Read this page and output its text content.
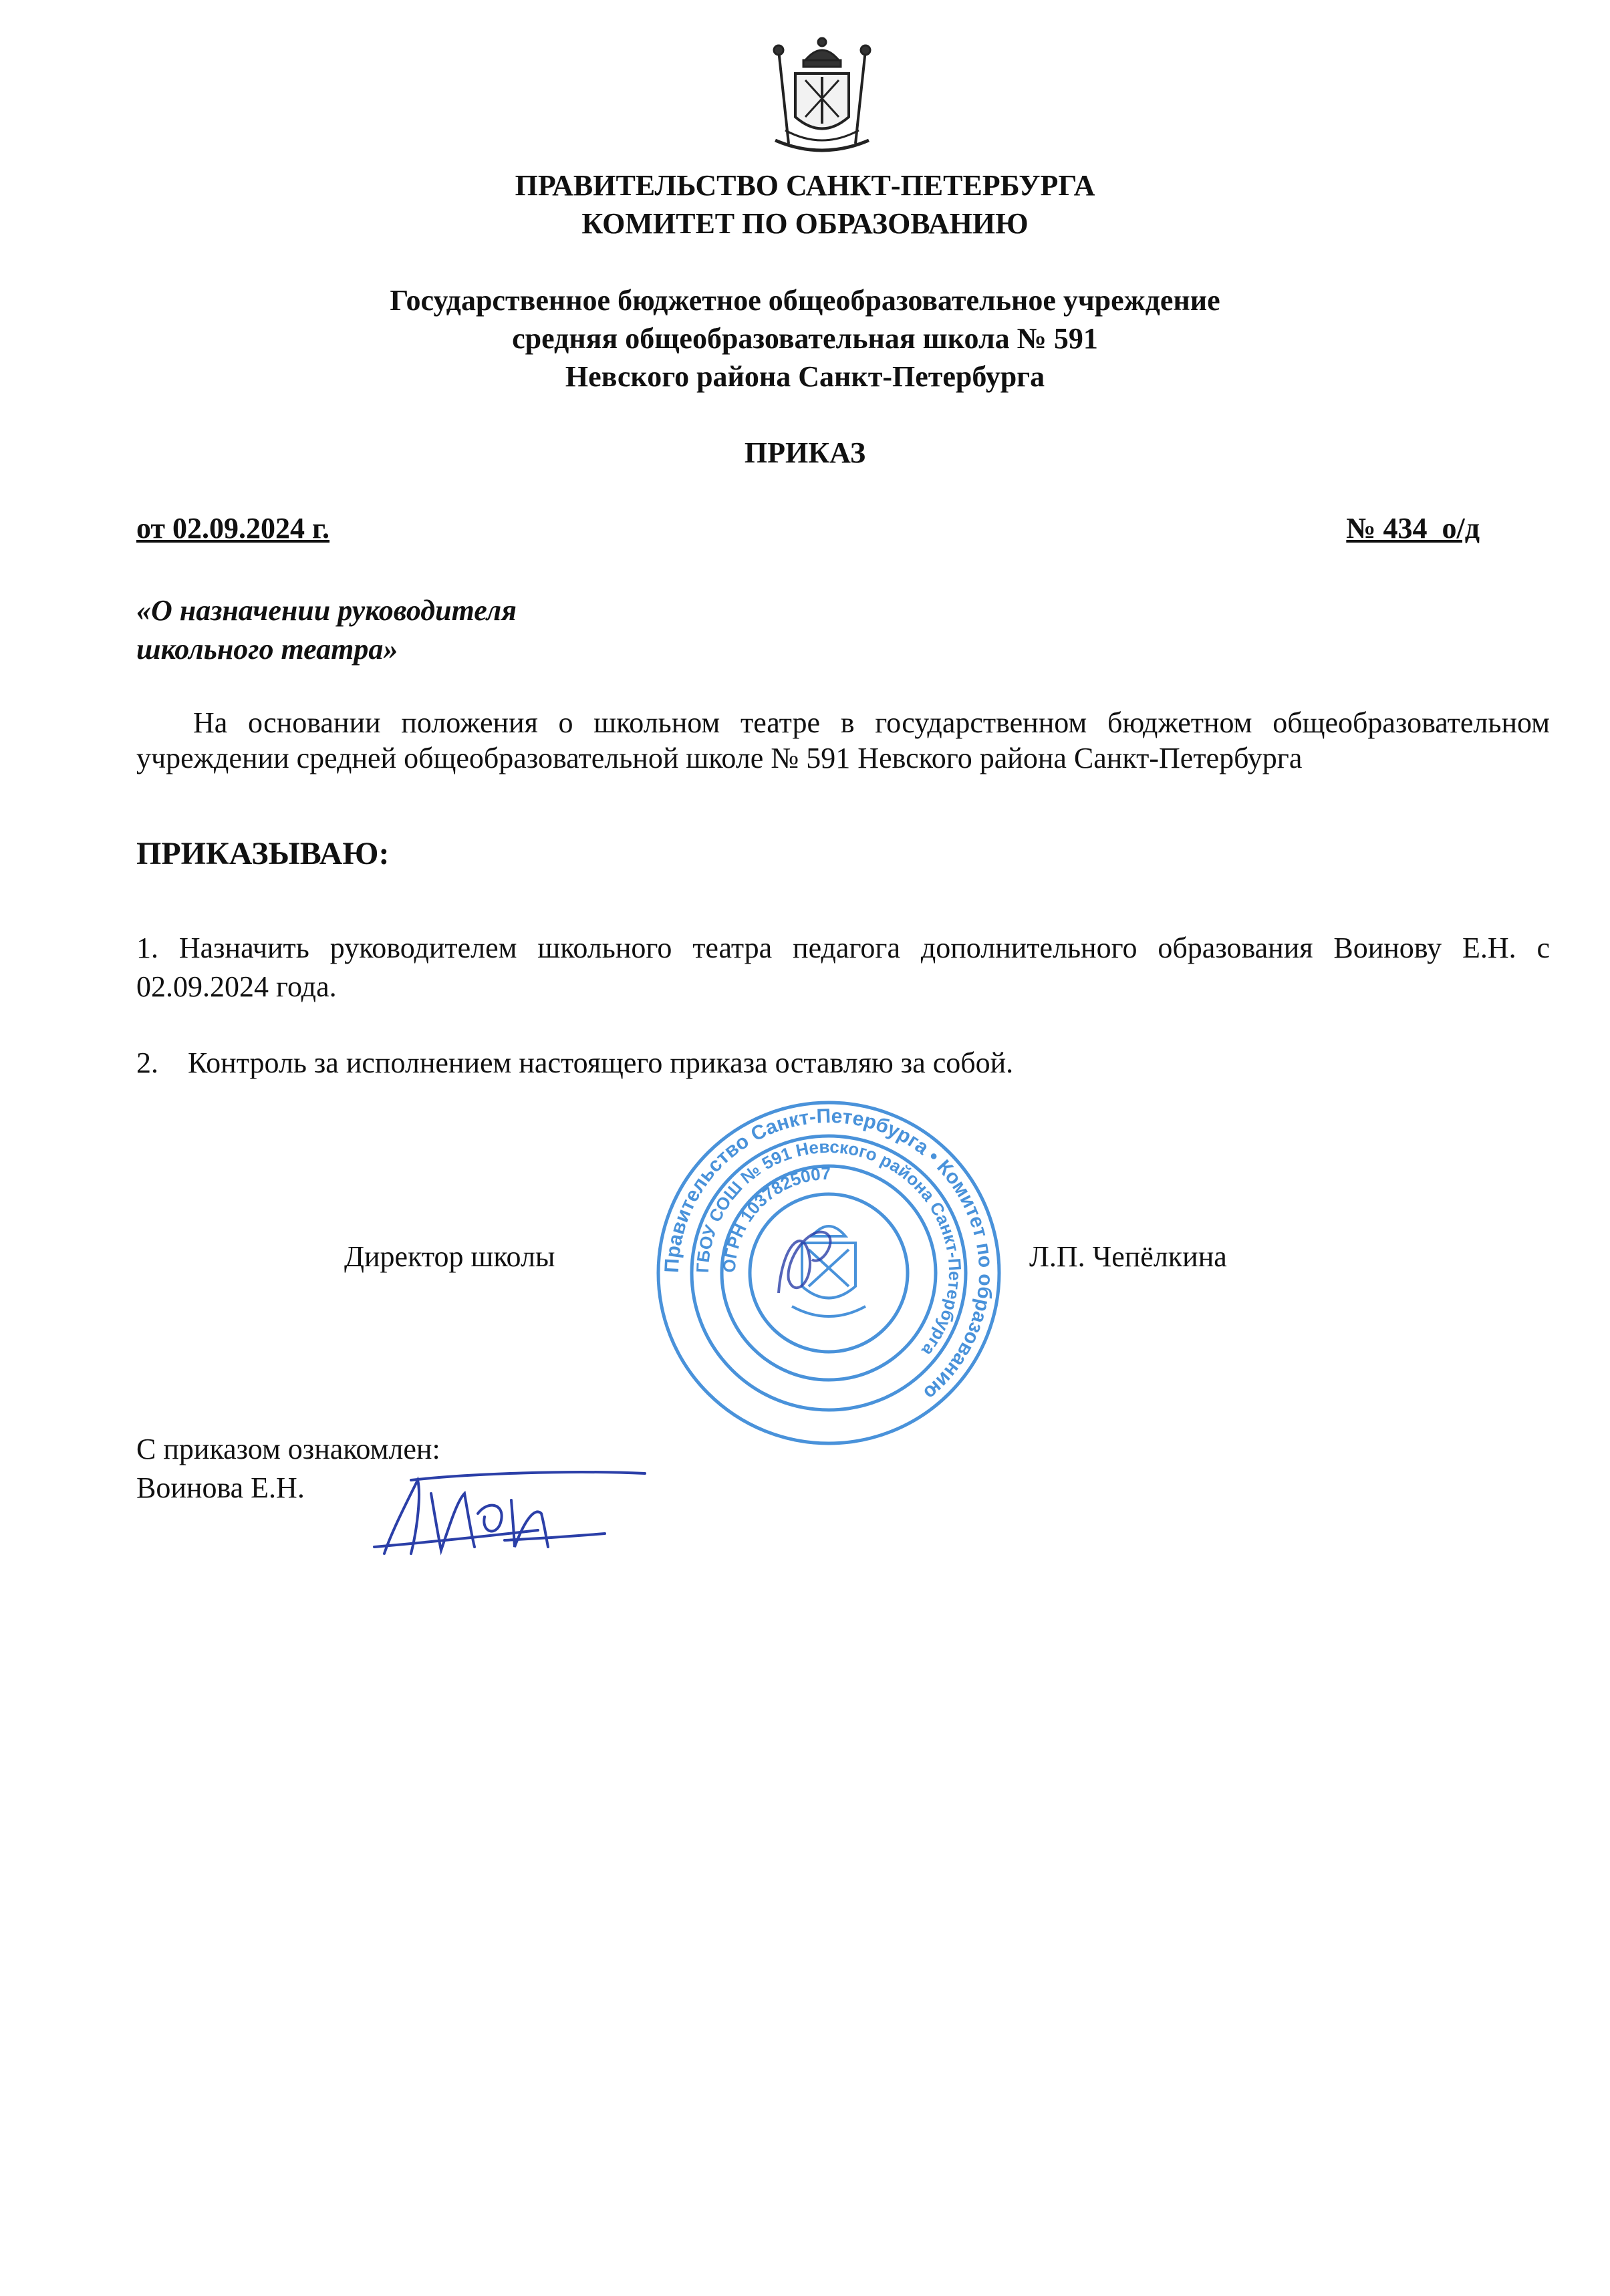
ПРАВИТЕЛЬСТВО САНКТ-ПЕТЕРБУРГА
КОМИТЕТ ПО ОБРАЗОВАНИЮ
Государственное бюджетное общеобразовательное учреждение
средняя общеобразовательная школа № 591
Невского района Санкт-Петербурга
ПРИКАЗ
от 02.09.2024 г.	№ 434  о/д
«О назначении руководителя
школьного театра»
На основании положения о школьном театре в государственном бюджетном общеобразовательном учреждении средней общеобразовательной школе № 591 Невского района Санкт-Петербурга
ПРИКАЗЫВАЮ:
1. Назначить руководителем школьного театра педагога дополнительного образования Воинову Е.Н. с 02.09.2024 года.
2.    Контроль за исполнением настоящего приказа оставляю за собой.
Правительство Санкт-Петербурга • Комитет по образованию
ГБОУ СОШ № 591 Невского района Санкт-Петербурга
ОГРН 1037825007
Директор школы	Л.П. Чепёлкина
С приказом ознакомлен:
Воинова Е.Н.
